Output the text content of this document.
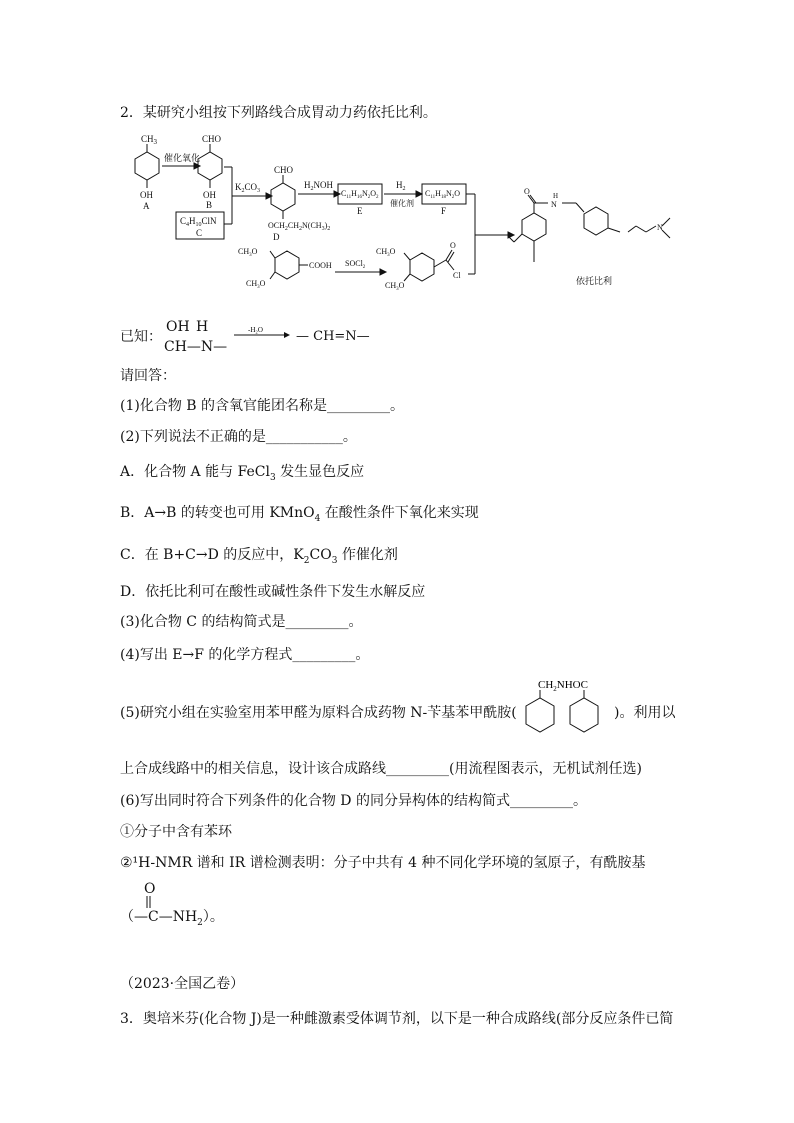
2．某研究小组按下列路线合成胃动力药依托比利。
$CH_3$
OH
A
催化氧化
CHO
OH
B
$C_4H_{10}ClN$
C
$K_2CO_3$
CHO
$OCH_2CH_2N(CH_3)_2$
D
$H_2NOH$
$C_{11}H_{16}N_2O_2$
E
$H_2$
催化剂
$C_{11}H_{18}N_2O$
F
$CH_3O$
$CH_3O$
COOH SOCl$_2$
$CH_3O$
$CH_3O$
O
Cl
O	H
N
N
依托比利
已知：
OH H
CH—N—
-H₂O	— CH=N—
请回答：
(1)化合物 B 的含氧官能团名称是_________。
(2)下列说法不正确的是___________。
A．化合物 A 能与 FeCl$_3$ 发生显色反应
B．A→B 的转变也可用 KMnO$_4$ 在酸性条件下氧化来实现
C．在 B+C→D 的反应中，$K_2CO_3$ 作催化剂
D．依托比利可在酸性或碱性条件下发生水解反应
(3)化合物 C 的结构简式是_________。
(4)写出 E→F 的化学方程式_________。
(5)研究小组在实验室用苯甲醛为原料合成药物 N-苄基苯甲酰胺(
$CH_2NHOC$
)。利用以
上合成线路中的相关信息，设计该合成路线_________(用流程图表示，无机试剂任选)
(6)写出同时符合下列条件的化合物 D 的同分异构体的结构简式_________。
①分子中含有苯环
②¹H-NMR 谱和 IR 谱检测表明：分子中共有 4 种不同化学环境的氢原子，有酰胺基
O
$(—C—NH_2)$。
（2023·全国乙卷）
3．奥培米芬(化合物 J)是一种雌激素受体调节剂，以下是一种合成路线(部分反应条件已简
